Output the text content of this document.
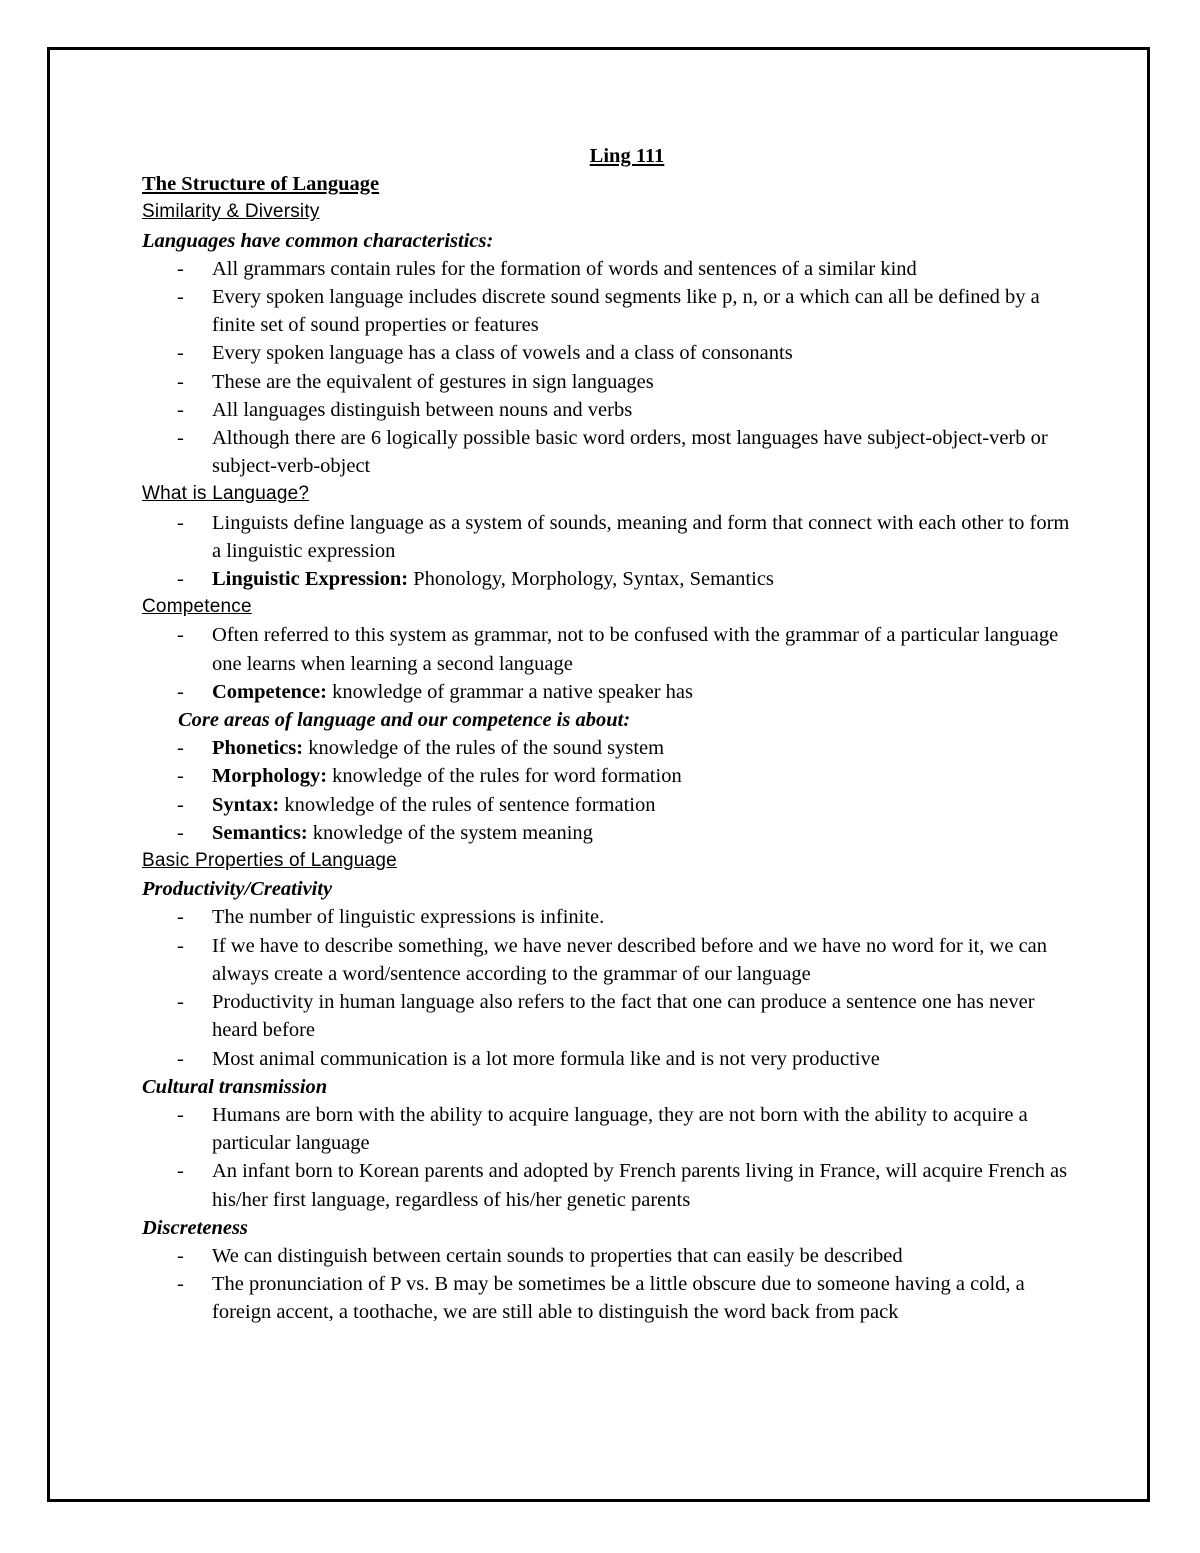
Ling 111
The Structure of Language
Similarity & Diversity
Languages have common characteristics:
- All grammars contain rules for the formation of words and sentences of a similar kind
- Every spoken language includes discrete sound segments like p, n, or a which can all be defined by a finite set of sound properties or features
- Every spoken language has a class of vowels and a class of consonants
- These are the equivalent of gestures in sign languages
- All languages distinguish between nouns and verbs
- Although there are 6 logically possible basic word orders, most languages have subject-object-verb or subject-verb-object
What is Language?
- Linguists define language as a system of sounds, meaning and form that connect with each other to form a linguistic expression
- Linguistic Expression: Phonology, Morphology, Syntax, Semantics
Competence
- Often referred to this system as grammar, not to be confused with the grammar of a particular language one learns when learning a second language
- Competence: knowledge of grammar a native speaker has
Core areas of language and our competence is about:
- Phonetics: knowledge of the rules of the sound system
- Morphology: knowledge of the rules for word formation
- Syntax: knowledge of the rules of sentence formation
- Semantics: knowledge of the system meaning
Basic Properties of Language
Productivity/Creativity
- The number of linguistic expressions is infinite.
- If we have to describe something, we have never described before and we have no word for it, we can always create a word/sentence according to the grammar of our language
- Productivity in human language also refers to the fact that one can produce a sentence one has never heard before
- Most animal communication is a lot more formula like and is not very productive
Cultural transmission
- Humans are born with the ability to acquire language, they are not born with the ability to acquire a particular language
- An infant born to Korean parents and adopted by French parents living in France, will acquire French as his/her first language, regardless of his/her genetic parents
Discreteness
- We can distinguish between certain sounds to properties that can easily be described
- The pronunciation of P vs. B may be sometimes be a little obscure due to someone having a cold, a foreign accent, a toothache, we are still able to distinguish the word back from pack
